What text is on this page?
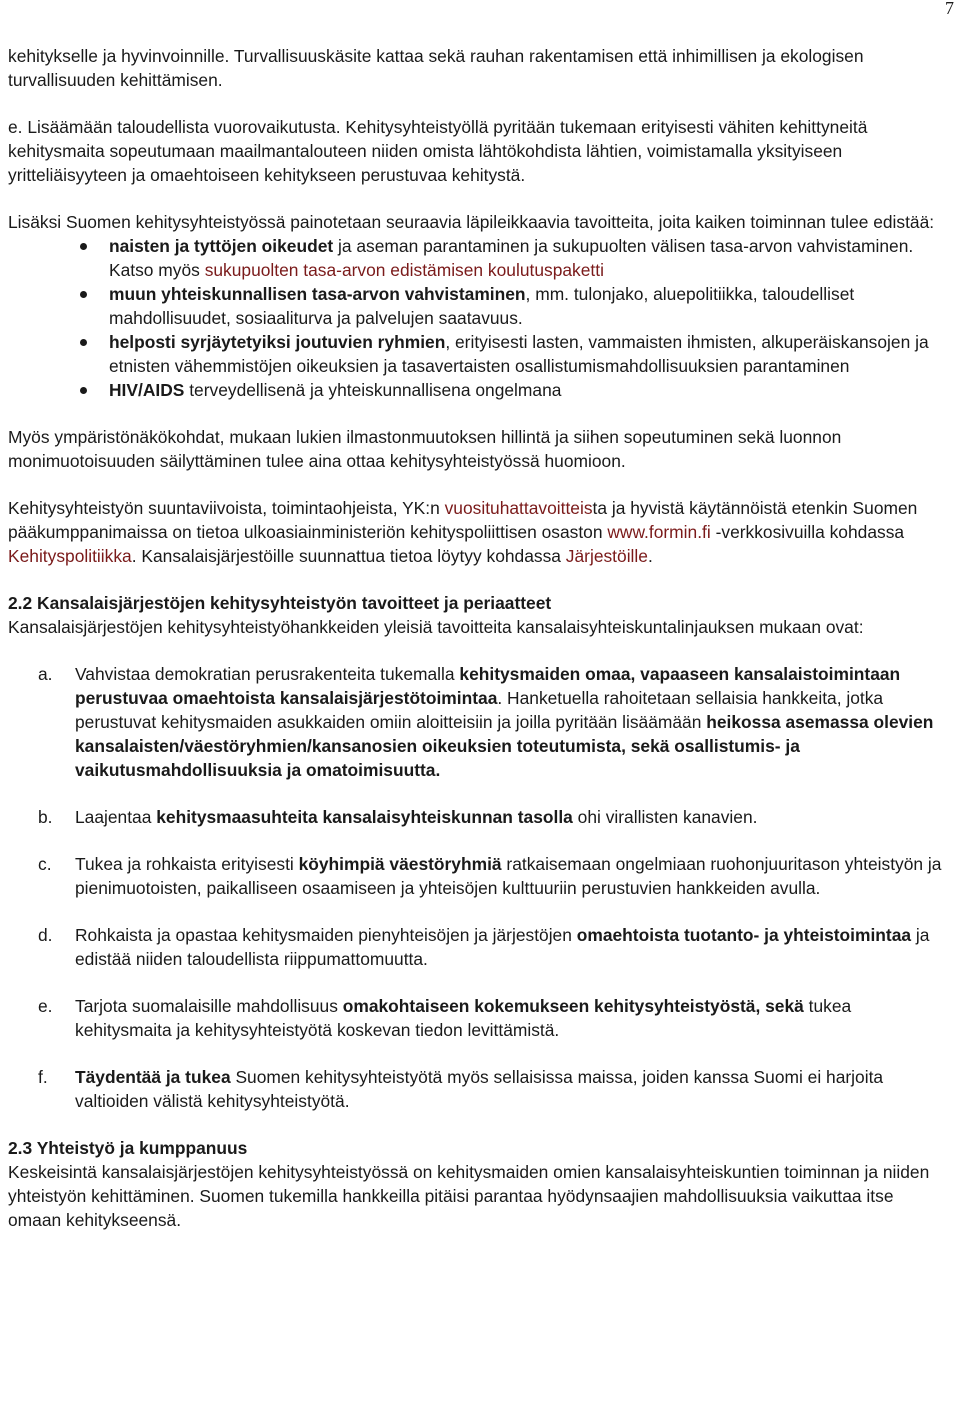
7

kehitykselle ja hyvinvoinnille. Turvallisuuskäsite kattaa sekä rauhan rakentamisen että inhimillisen ja ekologisen turvallisuuden kehittämisen.

e. Lisäämään taloudellista vuorovaikutusta. Kehitysyhteistyöllä pyritään tukemaan erityisesti vähiten kehittyneitä kehitysmaita sopeutumaan maailmantalouteen niiden omista lähtökohdista lähtien, voimistamalla yksityiseen yritteliäisyyteen ja omaehtoiseen kehitykseen perustuvaa kehitystä.

Lisäksi Suomen kehitysyhteistyössä painotetaan seuraavia läpileikkaavia tavoitteita, joita kaiken toiminnan tulee edistää:

naisten ja tyttöjen oikeudet ja aseman parantaminen ja sukupuolten välisen tasa-arvon vahvistaminen. Katso myös sukupuolten tasa-arvon edistämisen koulutuspaketti
muun yhteiskunnallisen tasa-arvon vahvistaminen, mm. tulonjako, aluepolitiikka, taloudelliset mahdollisuudet, sosiaaliturva ja palvelujen saatavuus.
helposti syrjäytetyiksi joutuvien ryhmien, erityisesti lasten, vammaisten ihmisten, alkuperäiskansojen ja etnisten vähemmistöjen oikeuksien ja tasavertaisten osallistumismahdollisuuksien parantaminen
HIV/AIDS terveydellisenä ja yhteiskunnallisena ongelmana

Myös ympäristönäkökohdat, mukaan lukien ilmastonmuutoksen hillintä ja siihen sopeutuminen sekä luonnon monimuotoisuuden säilyttäminen tulee aina ottaa kehitysyhteistyössä huomioon.

Kehitysyhteistyön suuntaviivoista, toimintaohjeista, YK:n vuosituhattavoitteista ja hyvistä käytännöistä etenkin Suomen pääkumppanimaissa on tietoa ulkoasiainministeriön kehityspoliittisen osaston www.formin.fi -verkkosivuilla kohdassa Kehityspolitiikka. Kansalaisjärjestöille suunnattua tietoa löytyy kohdassa Järjestöille.

2.2 Kansalaisjärjestöjen kehitysyhteistyön tavoitteet ja periaatteet

Kansalaisjärjestöjen kehitysyhteistyöhankkeiden yleisiä tavoitteita kansalaisyhteiskuntalinjauksen mukaan ovat:

a. Vahvistaa demokratian perusrakenteita tukemalla kehitysmaiden omaa, vapaaseen kansalaistoimintaan perustuvaa omaehtoista kansalaisjärjestötoimintaa. Hanketuella rahoitetaan sellaisia hankkeita, jotka perustuvat kehitysmaiden asukkaiden omiin aloitteisiin ja joilla pyritään lisäämään heikossa asemassa olevien kansalaisten/väestöryhmien/kansanosien oikeuksien toteutumista, sekä osallistumis- ja vaikutusmahdollisuuksia ja omatoimisuutta.
b. Laajentaa kehitysmaasuhteita kansalaisyhteiskunnan tasolla ohi virallisten kanavien.
c. Tukea ja rohkaista erityisesti köyhimpiä väestöryhmiä ratkaisemaan ongelmiaan ruohonjuuritason yhteistyön ja pienimuotoisten, paikalliseen osaamiseen ja yhteisöjen kulttuuriin perustuvien hankkeiden avulla.
d. Rohkaista ja opastaa kehitysmaiden pienyhteisöjen ja järjestöjen omaehtoista tuotanto- ja yhteistoimintaa ja edistää niiden taloudellista riippumattomuutta.
e. Tarjota suomalaisille mahdollisuus omakohtaiseen kokemukseen kehitysyhteistyöstä, sekä tukea kehitysmaita ja kehitysyhteistyötä koskevan tiedon levittämistä.
f. Täydentää ja tukea Suomen kehitysyhteistyötä myös sellaisissa maissa, joiden kanssa Suomi ei harjoita valtioiden välistä kehitysyhteistyötä.
2.3 Yhteistyö ja kumppanuus

Keskeisintä kansalaisjärjestöjen kehitysyhteistyössä on kehitysmaiden omien kansalaisyhteiskuntien toiminnan ja niiden yhteistyön kehittäminen. Suomen tukemilla hankkeilla pitäisi parantaa hyödynsaajien mahdollisuuksia vaikuttaa itse omaan kehitykseensä.
